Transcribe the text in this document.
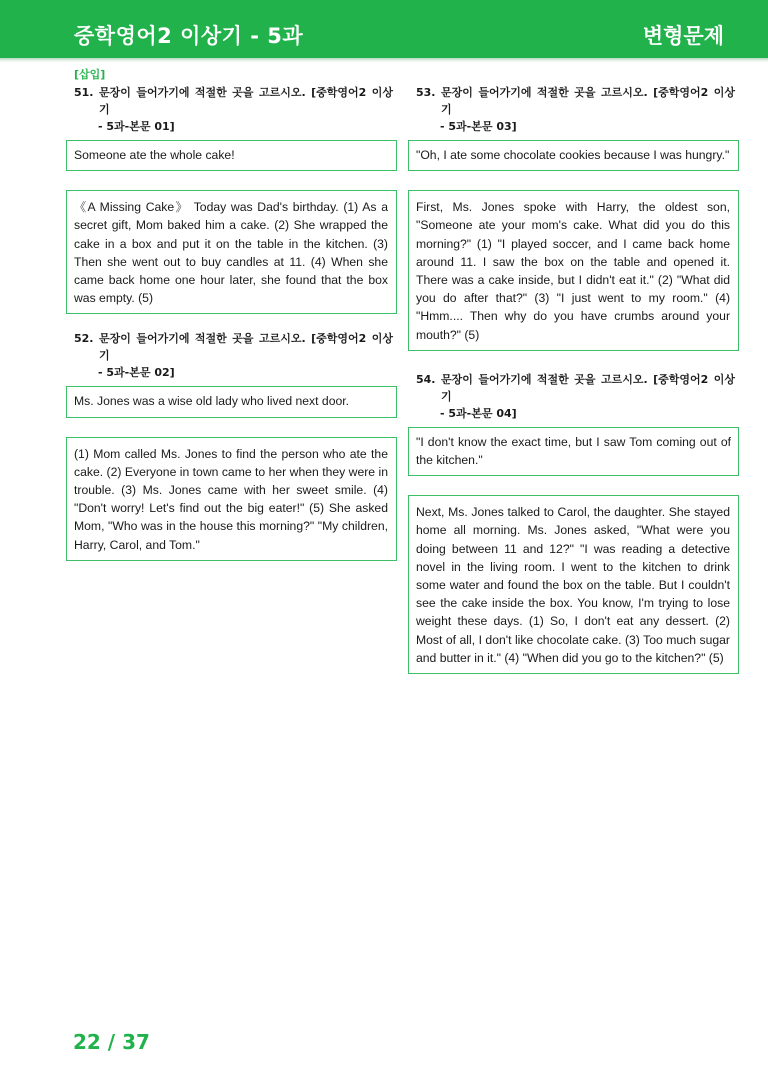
중학영어2 이상기 - 5과	변형문제
[삽입]
51. 문장이 들어가기에 적절한 곳을 고르시오. [중학영어2 이상기
- 5과-본문 01]
Someone ate the whole cake!
《A Missing Cake》 Today was Dad's birthday. (1) As a secret gift, Mom baked him a cake. (2) She wrapped the cake in a box and put it on the table in the kitchen. (3) Then she went out to buy candles at 11. (4) When she came back home one hour later, she found that the box was empty. (5)
52. 문장이 들어가기에 적절한 곳을 고르시오. [중학영어2 이상기
- 5과-본문 02]
Ms. Jones was a wise old lady who lived next door.
(1) Mom called Ms. Jones to find the person who ate the cake. (2) Everyone in town came to her when they were in trouble. (3) Ms. Jones came with her sweet smile. (4) "Don't worry! Let's find out the big eater!" (5) She asked Mom, "Who was in the house this morning?" "My children, Harry, Carol, and Tom."
53. 문장이 들어가기에 적절한 곳을 고르시오. [중학영어2 이상기
- 5과-본문 03]
"Oh, I ate some chocolate cookies because I was hungry."
First, Ms. Jones spoke with Harry, the oldest son, "Someone ate your mom's cake. What did you do this morning?" (1) "I played soccer, and I came back home around 11. I saw the box on the table and opened it. There was a cake inside, but I didn't eat it." (2) "What did you do after that?" (3) "I just went to my room." (4) "Hmm.... Then why do you have crumbs around your mouth?" (5)
54. 문장이 들어가기에 적절한 곳을 고르시오. [중학영어2 이상기
- 5과-본문 04]
"I don't know the exact time, but I saw Tom coming out of the kitchen."
Next, Ms. Jones talked to Carol, the daughter. She stayed home all morning. Ms. Jones asked, "What were you doing between 11 and 12?" "I was reading a detective novel in the living room. I went to the kitchen to drink some water and found the box on the table. But I couldn't see the cake inside the box. You know, I'm trying to lose weight these days. (1) So, I don't eat any dessert. (2) Most of all, I don't like chocolate cake. (3) Too much sugar and butter in it." (4) "When did you go to the kitchen?" (5)
22 / 37
